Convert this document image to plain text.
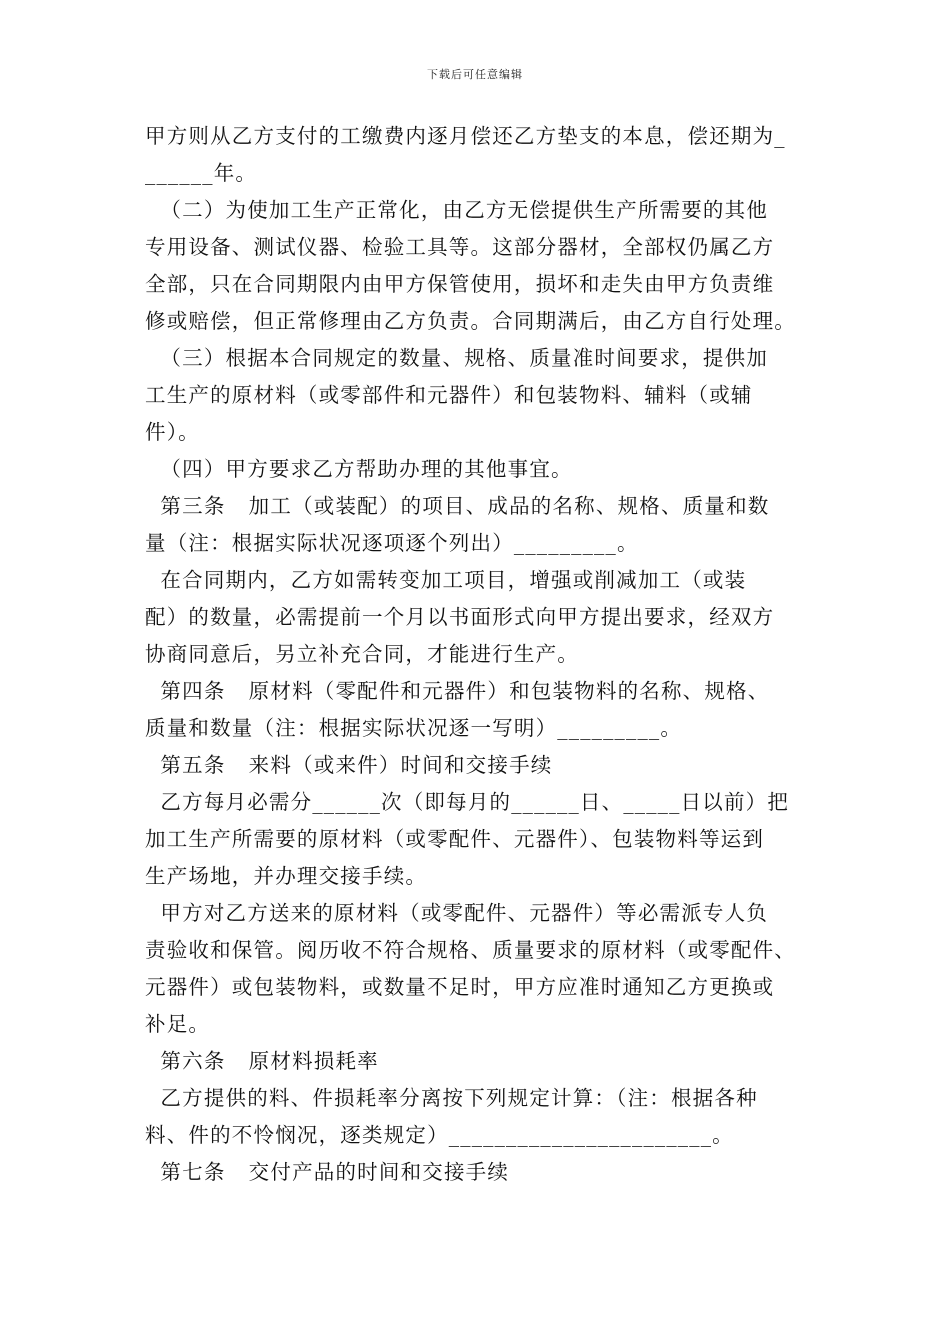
下载后可任意编辑
甲方则从乙方支付的工缴费内逐月偿还乙方垫支的本息，偿还期为_
______年。
（二）为使加工生产正常化，由乙方无偿提供生产所需要的其他
专用设备、测试仪器、检验工具等。这部分器材，全部权仍属乙方
全部，只在合同期限内由甲方保管使用，损坏和走失由甲方负责维
修或赔偿，但正常修理由乙方负责。合同期满后，由乙方自行处理。
（三）根据本合同规定的数量、规格、质量准时间要求，提供加
工生产的原材料（或零部件和元器件）和包装物料、辅料（或辅
件）。
（四）甲方要求乙方帮助办理的其他事宜。
第三条   加工（或装配）的项目、成品的名称、规格、质量和数
量（注：根据实际状况逐项逐个列出）_________。
在合同期内，乙方如需转变加工项目，增强或削减加工（或装
配）的数量，必需提前一个月以书面形式向甲方提出要求，经双方
协商同意后，另立补充合同，才能进行生产。
第四条   原材料（零配件和元器件）和包装物料的名称、规格、
质量和数量（注：根据实际状况逐一写明）_________。
第五条   来料（或来件）时间和交接手续
乙方每月必需分______次（即每月的______日、_____日以前）把
加工生产所需要的原材料（或零配件、元器件）、包装物料等运到
生产场地，并办理交接手续。
甲方对乙方送来的原材料（或零配件、元器件）等必需派专人负
责验收和保管。阅历收不符合规格、质量要求的原材料（或零配件、
元器件）或包装物料，或数量不足时，甲方应准时通知乙方更换或
补足。
第六条   原材料损耗率
乙方提供的料、件损耗率分离按下列规定计算：（注：根据各种
料、件的不怜悯况，逐类规定）_______________________。
第七条   交付产品的时间和交接手续
